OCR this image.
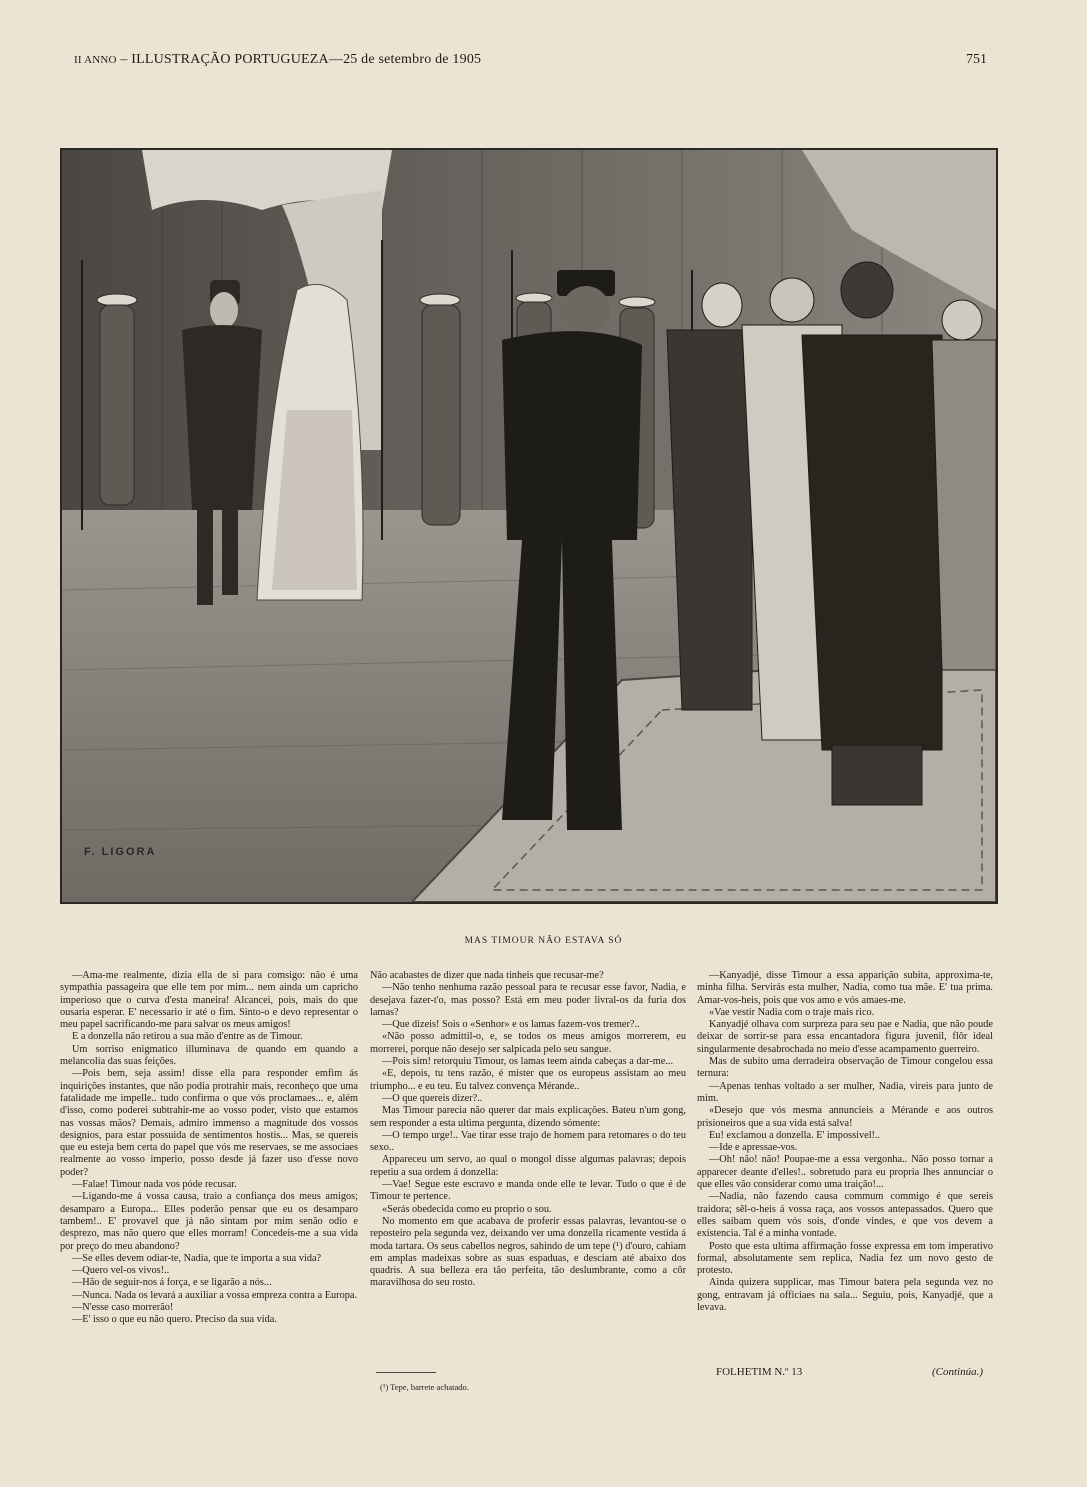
II ANNO – ILLUSTRAÇÃO PORTUGUEZA—25 de setembro de 1905	751
F. LIGORA
MAS TIMOUR NÃO ESTAVA SÓ

—Ama-me realmente, dizia ella de si para comsigo: não é uma sympathia passageira que elle tem por mim... nem ainda um capricho imperioso que o curva d'esta maneira! Alcancei, pois, mais do que ousaria esperar. E' necessario ir até o fim. Sinto-o e devo representar o meu papel sacrificando-me para salvar os meus amigos!

E a donzella não retirou a sua mão d'entre as de Timour.

Um sorriso enigmatico illuminava de quando em quando a melancolia das suas feições.

—Pois bem, seja assim! disse ella para responder emfim ás inquirições instantes, que não podia protrahir mais, reconheço que uma fatalidade me impelle.. tudo confirma o que vós proclamaes... e, além d'isso, como poderei subtrahir-me ao vosso poder, visto que estamos nas vossas mãos? Demais, admiro immenso a magnitude dos vossos designios, para estar possuida de sentimentos hostis... Mas, se quereis que eu esteja bem certa do papel que vós me reservaes, se me associaes realmente ao vosso imperio, posso desde já fazer uso d'esse novo poder?

—Falae! Timour nada vos póde recusar.

—Ligando-me á vossa causa, traio a confiança dos meus amigos; desamparo a Europa... Elles poderão pensar que eu os desamparo tambem!.. E' provavel que já não sintam por mim senão odio e desprezo, mas não quero que elles morram! Concedeis-me a sua vida por preço do meu abandono?

—Se elles devem odiar-te, Nadia, que te importa a sua vida?

—Quero vel-os vivos!..

—Hão de seguir-nos á força, e se ligarão a nós...

—Nunca. Nada os levará a auxiliar a vossa empreza contra a Europa.

—N'esse caso morrerão!

—E' isso o que eu não quero. Preciso da sua vida.

Não acabastes de dizer que nada tinheis que recusar-me?

—Não tenho nenhuma razão pessoal para te recusar esse favor, Nadia, e desejava fazer-t'o, mas posso? Está em meu poder livral-os da furia dos lamas?

—Que dizeis! Sois o «Senhor» e os lamas fazem-vos tremer?..

«Não posso admittil-o, e, se todos os meus amigos morrerem, eu morrerei, porque não desejo ser salpicada pelo seu sangue.

—Pois sim! retorquiu Timour, os lamas teem ainda cabeças a dar-me...

«E, depois, tu tens razão, é mister que os europeus assistam ao meu triumpho... e eu teu. Eu talvez convença Mérande..

—O que quereis dizer?..

Mas Timour parecia não querer dar mais explicações. Bateu n'um gong, sem responder a esta ultima pergunta, dizendo sómente:

—O tempo urge!.. Vae tirar esse trajo de homem para retomares o do teu sexo..

Appareceu um servo, ao qual o mongol disse algumas palavras; depois repetiu a sua ordem á donzella:

—Vae! Segue este escravo e manda onde elle te levar. Tudo o que é de Timour te pertence.

«Serás obedecida como eu proprio o sou.

No momento em que acabava de proferir essas palavras, levantou-se o reposteiro pela segunda vez, deixando ver uma donzella ricamente vestida á moda tartara. Os seus cabellos negros, sahindo de um tepe (¹) d'ouro, cahiam em amplas madeixas sobre as suas espaduas, e desciam até abaixo dos quadris. A sua belleza era tão perfeita, tão deslumbrante, como a côr maravilhosa do seu rosto.

(¹) Tepe, barrete achatado.

—Kanyadjé, disse Timour a essa apparição subita, approxima-te, minha filha. Servirás esta mulher, Nadia, como tua mãe. E' tua prima. Amar-vos-heis, pois que vos amo e vós amaes-me.

«Vae vestir Nadia com o traje mais rico.

Kanyadjé olhava com surpreza para seu pae e Nadia, que não poude deixar de sorrir-se para essa encantadora figura juvenil, flôr ideal singularmente desabrochada no meio d'esse acampamento guerreiro.

Mas de subito uma derradeira observação de Timour congelou essa ternura:

—Apenas tenhas voltado a ser mulher, Nadia, vireis para junto de mim.

«Desejo que vós mesma annuncieis a Mérande e aos outros prisioneiros que a sua vida está salva!

Eu! exclamou a donzella. E' impossivel!..

—Ide e apressae-vos.

—Oh! não! não! Poupae-me a essa vergonha.. Não posso tornar a apparecer deante d'elles!.. sobretudo para eu propria lhes annunciar o que elles vão considerar como uma traição!...

—Nadia, não fazendo causa commum commigo é que sereis traidora; sêl-o-heis á vossa raça, aos vossos antepassados. Quero que elles saibam quem vós sois, d'onde vindes, e que vos devem a existencia. Tal é a minha vontade.

Posto que esta ultima affirmação fosse expressa em tom imperativo formal, absolutamente sem replica, Nadia fez um novo gesto de protesto.

Ainda quizera supplicar, mas Timour batera pela segunda vez no gong, entravam já officiaes na sala... Seguiu, pois, Kanyadjé, que a levava.

FOLHETIM N.º 13	(Continúa.)
